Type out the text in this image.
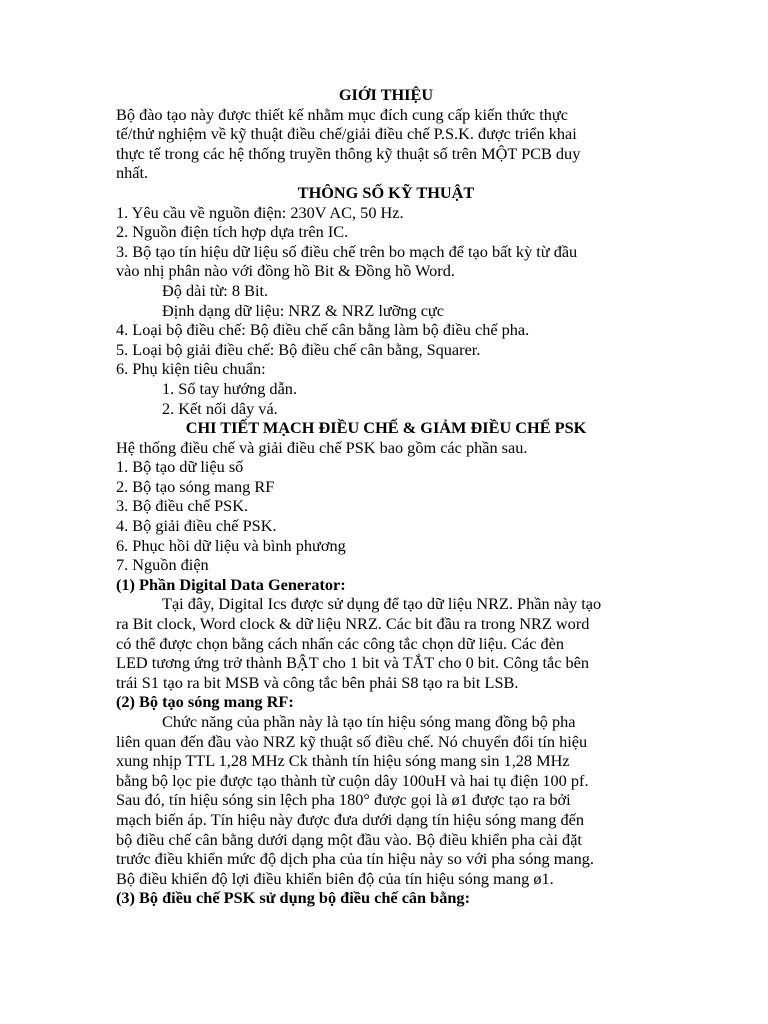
GIỚI THIỆU
Bộ đào tạo này được thiết kế nhằm mục đích cung cấp kiến thức thực
tế/thử nghiệm về kỹ thuật điều chế/giải điều chế P.S.K. được triển khai
thực tế trong các hệ thống truyền thông kỹ thuật số trên MỘT PCB duy
nhất.
THÔNG SỐ KỸ THUẬT
1. Yêu cầu về nguồn điện: 230V AC, 50 Hz.
2. Nguồn điện tích hợp dựa trên IC.
3. Bộ tạo tín hiệu dữ liệu số điều chế trên bo mạch để tạo bất kỳ từ đầu
vào nhị phân nào với đồng hồ Bit & Đồng hồ Word.
Độ dài từ: 8 Bit.
Định dạng dữ liệu: NRZ & NRZ lưỡng cực
4. Loại bộ điều chế: Bộ điều chế cân bằng làm bộ điều chế pha.
5. Loại bộ giải điều chế: Bộ điều chế cân bằng, Squarer.
6. Phụ kiện tiêu chuẩn:
1. Sổ tay hướng dẫn.
2. Kết nối dây vá.
CHI TIẾT MẠCH ĐIỀU CHẾ & GIẢM ĐIỀU CHẾ PSK
Hệ thống điều chế và giải điều chế PSK bao gồm các phần sau.
1. Bộ tạo dữ liệu số
2. Bộ tạo sóng mang RF
3. Bộ điều chế PSK.
4. Bộ giải điều chế PSK.
6. Phục hồi dữ liệu và bình phương
7. Nguồn điện
(1) Phần Digital Data Generator:
Tại đây, Digital Ics được sử dụng để tạo dữ liệu NRZ. Phần này tạo
ra Bit clock, Word clock & dữ liệu NRZ. Các bit đầu ra trong NRZ word
có thể được chọn bằng cách nhấn các công tắc chọn dữ liệu. Các đèn
LED tương ứng trở thành BẬT cho 1 bit và TẮT cho 0 bit. Công tắc bên
trái S1 tạo ra bit MSB và công tắc bên phải S8 tạo ra bit LSB.
(2) Bộ tạo sóng mang RF:
Chức năng của phần này là tạo tín hiệu sóng mang đồng bộ pha
liên quan đến đầu vào NRZ kỹ thuật số điều chế. Nó chuyển đổi tín hiệu
xung nhịp TTL 1,28 MHz Ck thành tín hiệu sóng mang sin 1,28 MHz
bằng bộ lọc pie được tạo thành từ cuộn dây 100uH và hai tụ điện 100 pf.
Sau đó, tín hiệu sóng sin lệch pha 180° được gọi là ø1 được tạo ra bởi
mạch biến áp. Tín hiệu này được đưa dưới dạng tín hiệu sóng mang đến
bộ điều chế cân bằng dưới dạng một đầu vào. Bộ điều khiển pha cài đặt
trước điều khiển mức độ dịch pha của tín hiệu này so với pha sóng mang.
Bộ điều khiển độ lợi điều khiển biên độ của tín hiệu sóng mang ø1.
(3) Bộ điều chế PSK sử dụng bộ điều chế cân bằng:
